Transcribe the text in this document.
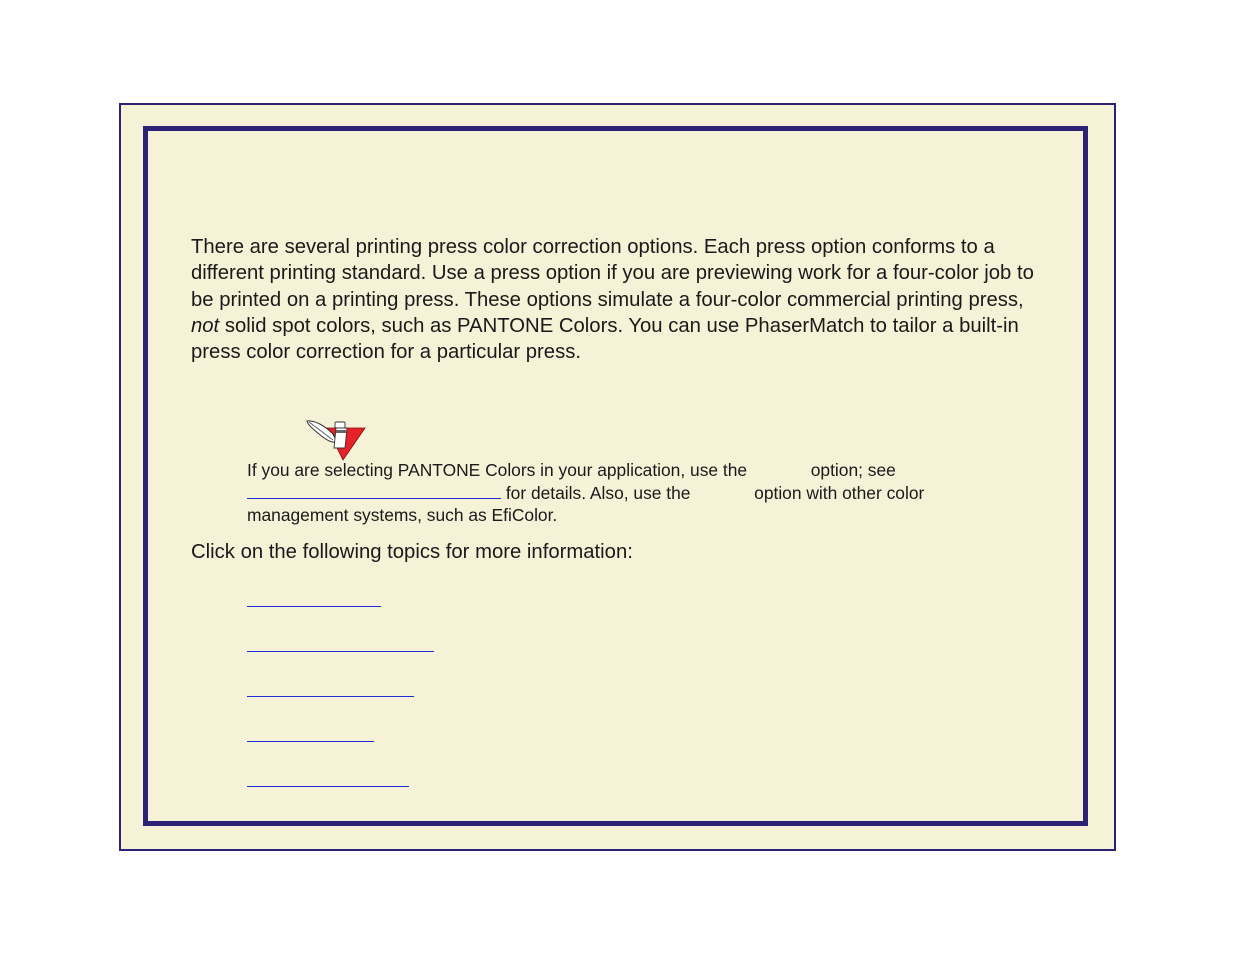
There are several printing press color correction options. Each press option conforms to a different printing standard. Use a press option if you are previewing work for a four-color job to be printed on a printing press. These options simulate a four-color commercial printing press, not solid spot colors, such as PANTONE Colors. You can use PhaserMatch to tailor a built-in press color correction for a particular press.

If you are selecting PANTONE Colors in your application, use the	option; see  for details. Also, use the	option with other color management systems, such as EfiColor.

Click on the following topics for more information:
